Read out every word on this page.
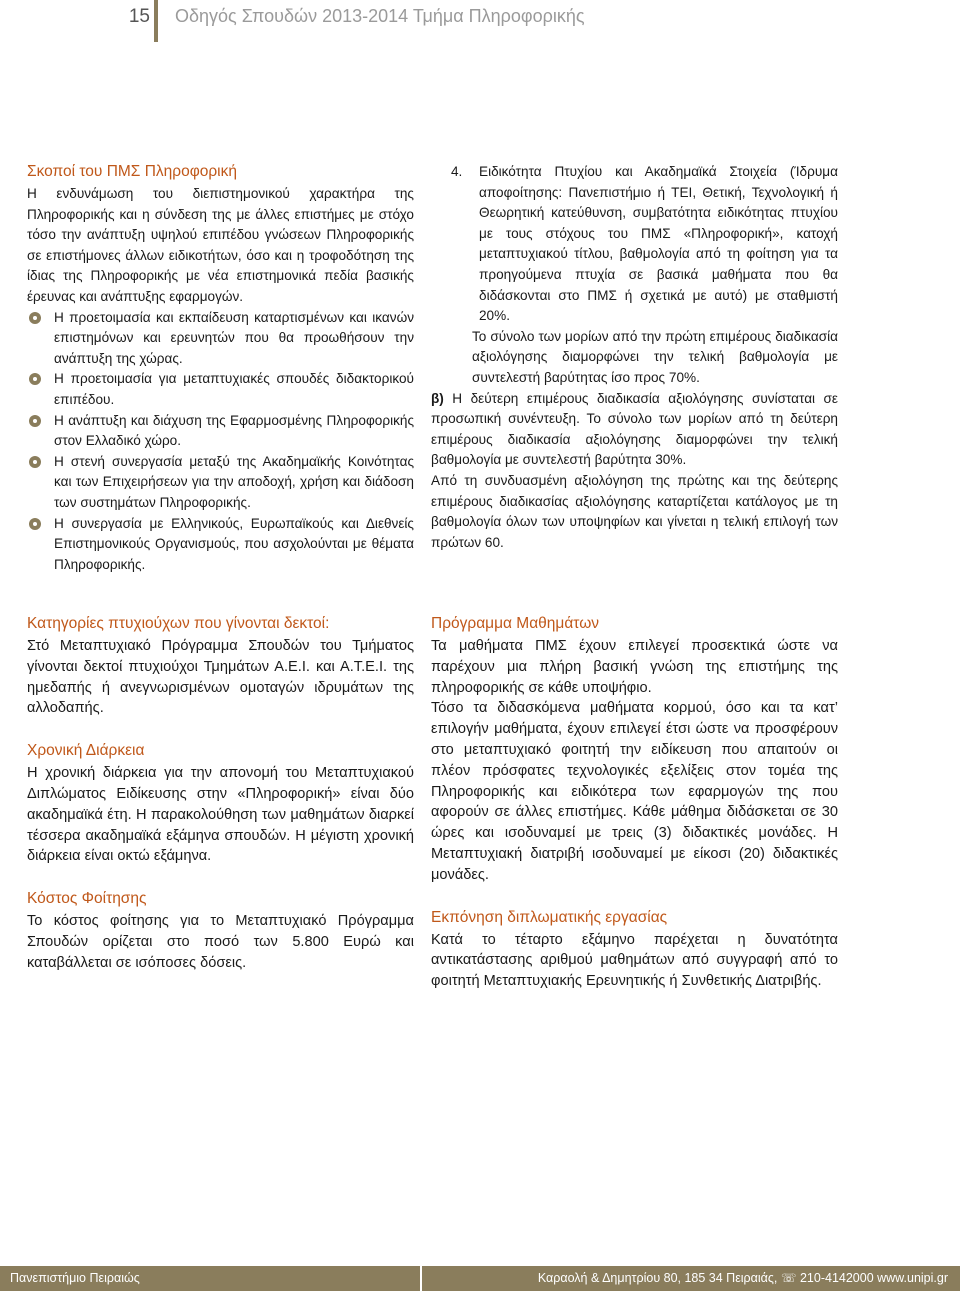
15 Οδηγός Σπουδών 2013-2014 Τμήμα Πληροφορικής
Σκοποί του ΠΜΣ Πληροφορική

Η ενδυνάμωση του διεπιστημονικού χαρακτήρα της Πληροφορικής και η σύνδεση της με άλλες επιστήμες με στόχο τόσο την ανάπτυξη υψηλού επιπέδου γνώσεων Πληροφορικής σε επιστήμονες άλλων ειδικοτήτων, όσο και η τροφοδότηση της ίδιας της Πληροφορικής με νέα επιστημονικά πεδία βασικής έρευνας και ανάπτυξης εφαρμογών.

Η προετοιμασία και εκπαίδευση καταρτισμένων και ικανών επιστημόνων και ερευνητών που θα προωθήσουν την ανάπτυξη της χώρας.
Η προετοιμασία για μεταπτυχιακές σπουδές διδακτορικού επιπέδου.
Η ανάπτυξη και διάχυση της Εφαρμοσμένης Πληροφορικής στον Ελλαδικό χώρο.
Η στενή συνεργασία μεταξύ της Ακαδημαϊκής Κοινότητας και των Επιχειρήσεων για την αποδοχή, χρήση και διάδοση των συστημάτων Πληροφορικής.
Η συνεργασία με Ελληνικούς, Ευρωπαϊκούς και Διεθνείς Επιστημονικούς Οργανισμούς, που ασχολούνται με θέματα Πληροφορικής.
Κατηγορίες πτυχιούχων που γίνονται δεκτοί:

Στό Μεταπτυχιακό Πρόγραμμα Σπουδών του Τμήματος γίνονται δεκτοί πτυχιούχοι Τμημάτων Α.Ε.Ι. και Α.Τ.Ε.Ι. της ημεδαπής ή ανεγνωρισμένων ομοταγών ιδρυμάτων της αλλοδαπής.

Χρονική Διάρκεια

Η χρονική διάρκεια για την απονομή του Μεταπτυχιακού Διπλώματος Ειδίκευσης στην «Πληροφορική» είναι δύο ακαδημαϊκά έτη. Η παρακολούθηση των μαθημάτων διαρκεί τέσσερα ακαδημαϊκά εξάμηνα σπουδών. Η μέγιστη χρονική διάρκεια είναι οκτώ εξάμηνα.

Κόστος Φοίτησης

Το κόστος φοίτησης για το Μεταπτυχιακό Πρόγραμμα Σπουδών ορίζεται στο ποσό των 5.800 Ευρώ και καταβάλλεται σε ισόποσες δόσεις.

4. Ειδικότητα Πτυχίου και Ακαδημαϊκά Στοιχεία (Ίδρυμα αποφοίτησης: Πανεπιστήμιο ή ΤΕΙ, Θετική, Τεχνολογική ή Θεωρητική κατεύθυνση, συμβατότητα ειδικότητας πτυχίου με τους στόχους του ΠΜΣ «Πληροφορική», κατοχή μεταπτυχιακού τίτλου, βαθμολογία από τη φοίτηση για τα προηγούμενα πτυχία σε βασικά μαθήματα που θα διδάσκονται στο ΠΜΣ ή σχετικά με αυτό) με σταθμιστή 20%.

Το σύνολο των μορίων από την πρώτη επιμέρους διαδικασία αξιολόγησης διαμορφώνει την τελική βαθμολογία με συντελεστή βαρύτητας ίσο προς 70%.

β) Η δεύτερη επιμέρους διαδικασία αξιολόγησης συνίσταται σε προσωπική συνέντευξη. Το σύνολο των μορίων από τη δεύτερη επιμέρους διαδικασία αξιολόγησης διαμορφώνει την τελική βαθμολογία με συντελεστή βαρύτητα 30%.

Από τη συνδυασμένη αξιολόγηση της πρώτης και της δεύτερης επιμέρους διαδικασίας αξιολόγησης καταρτίζεται κατάλογος με τη βαθμολογία όλων των υποψηφίων και γίνεται η τελική επιλογή των πρώτων 60.

Πρόγραμμα Μαθημάτων

Τα μαθήματα ΠΜΣ έχουν επιλεγεί προσεκτικά ώστε να παρέχουν μια πλήρη βασική γνώση της επιστήμης της πληροφορικής σε κάθε υποψήφιο.

Τόσο τα διδασκόμενα μαθήματα κορμού, όσο και τα κατ’ επιλογήν μαθήματα, έχουν επιλεγεί έτσι ώστε να προσφέρουν στο μεταπτυχιακό φοιτητή την ειδίκευση που απαιτούν οι πλέον πρόσφατες τεχνολογικές εξελίξεις στον τομέα της Πληροφορικής και ειδικότερα των εφαρμογών της που αφορούν σε άλλες επιστήμες. Κάθε μάθημα διδάσκεται σε 30 ώρες και ισοδυναμεί με τρεις (3) διδακτικές μονάδες. Η Μεταπτυχιακή διατριβή ισοδυναμεί με είκοσι (20) διδακτικές μονάδες.

Εκπόνηση διπλωματικής εργασίας

Κατά το τέταρτο εξάμηνο παρέχεται η δυνατότητα αντικατάστασης αριθμού μαθημάτων από συγγραφή από το φοιτητή Μεταπτυχιακής Ερευνητικής ή Συνθετικής Διατριβής.

Πανεπιστήμιο Πειραιώς	Καραολή & Δημητρίου 80, 185 34 Πειραιάς, ☏ 210-4142000 www.unipi.gr
